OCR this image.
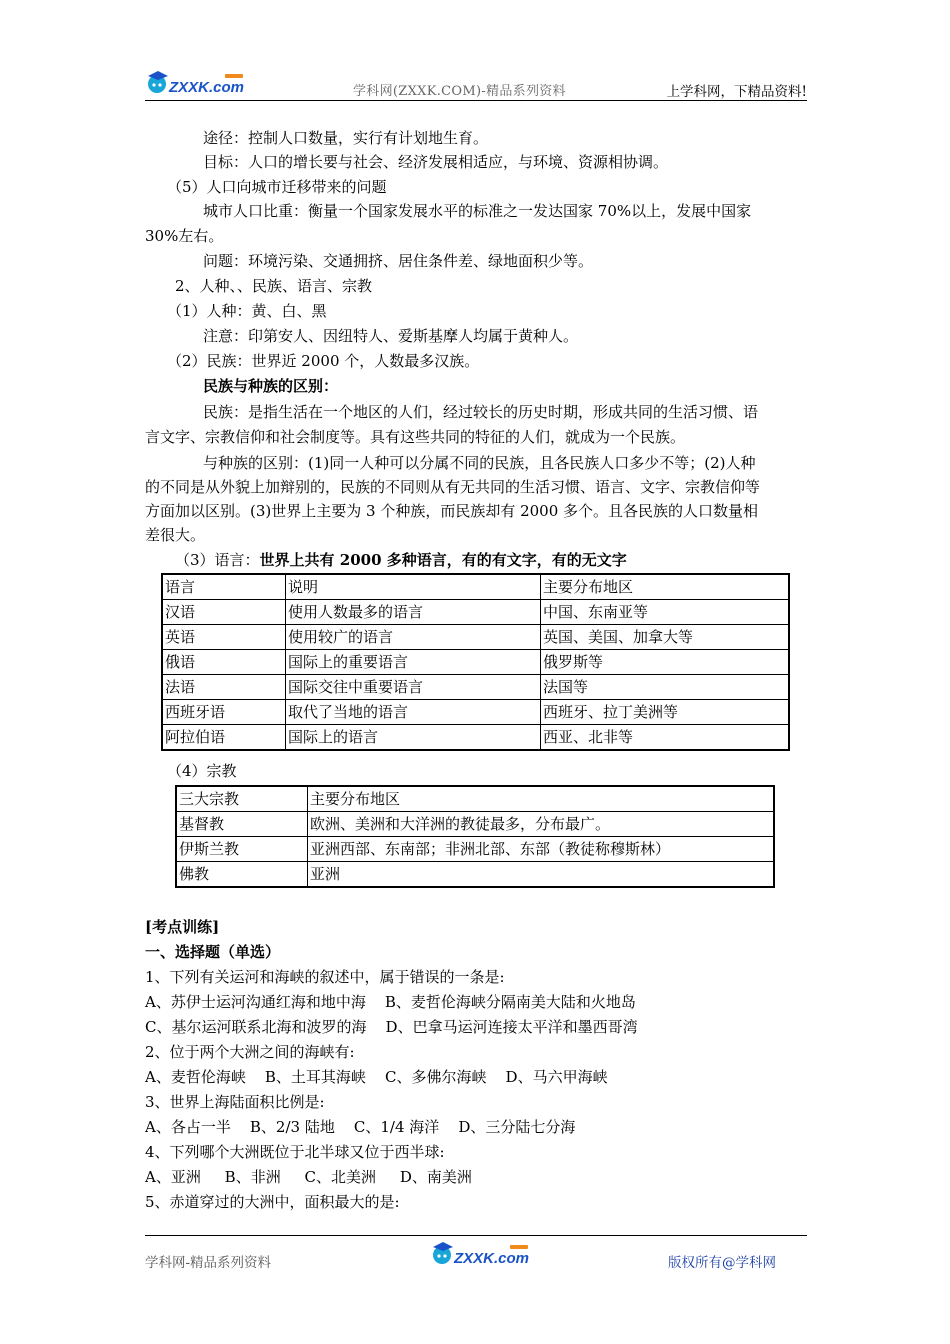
ZXXK.com	学科网(ZXXK.COM)-精品系列资料	上学科网，下精品资料!
途径：控制人口数量，实行有计划地生育。
目标：人口的增长要与社会、经济发展相适应，与环境、资源相协调。
（5）人口向城市迁移带来的问题
城市人口比重：衡量一个国家发展水平的标准之一发达国家 70%以上，发展中国家
30%左右。
问题：环境污染、交通拥挤、居住条件差、绿地面积少等。
2、人种、、民族、语言、宗教
（1）人种：黄、白、黑
注意：印第安人、因纽特人、爱斯基摩人均属于黄种人。
（2）民族：世界近 2000 个，人数最多汉族。
民族与种族的区别：
民族：是指生活在一个地区的人们，经过较长的历史时期，形成共同的生活习惯、语
言文字、宗教信仰和社会制度等。具有这些共同的特征的人们，就成为一个民族。
与种族的区别：(1)同一人种可以分属不同的民族，且各民族人口多少不等；(2)人种
的不同是从外貌上加辩别的，民族的不同则从有无共同的生活习惯、语言、文字、宗教信仰等
方面加以区别。(3)世界上主要为 3 个种族，而民族却有 2000 多个。且各民族的人口数量相
差很大。
（3）语言：世界上共有 2000 多种语言，有的有文字，有的无文字
语言	说明	主要分布地区
汉语	使用人数最多的语言	中国、东南亚等
英语	使用较广的语言	英国、美国、加拿大等
俄语	国际上的重要语言	俄罗斯等
法语	国际交往中重要语言	法国等
西班牙语	取代了当地的语言	西班牙、拉丁美洲等
阿拉伯语	国际上的语言	西亚、北非等
（4）宗教
三大宗教	主要分布地区
基督教	欧洲、美洲和大洋洲的教徒最多，分布最广。
伊斯兰教	亚洲西部、东南部；非洲北部、东部（教徒称穆斯林）
佛教	亚洲
[考点训练]
一、选择题（单选）
1、下列有关运河和海峡的叙述中，属于错误的一条是:
A、苏伊士运河沟通红海和地中海    B、麦哲伦海峡分隔南美大陆和火地岛
C、基尔运河联系北海和波罗的海    D、巴拿马运河连接太平洋和墨西哥湾
2、位于两个大洲之间的海峡有:
A、麦哲伦海峡    B、土耳其海峡    C、多佛尔海峡    D、马六甲海峡
3、世界上海陆面积比例是:
A、各占一半    B、2/3 陆地    C、1/4 海洋    D、三分陆七分海
4、下列哪个大洲既位于北半球又位于西半球:
A、亚洲     B、非洲     C、北美洲     D、南美洲
5、赤道穿过的大洲中，面积最大的是:
学科网-精品系列资料	ZXXK.com	版权所有@学科网
